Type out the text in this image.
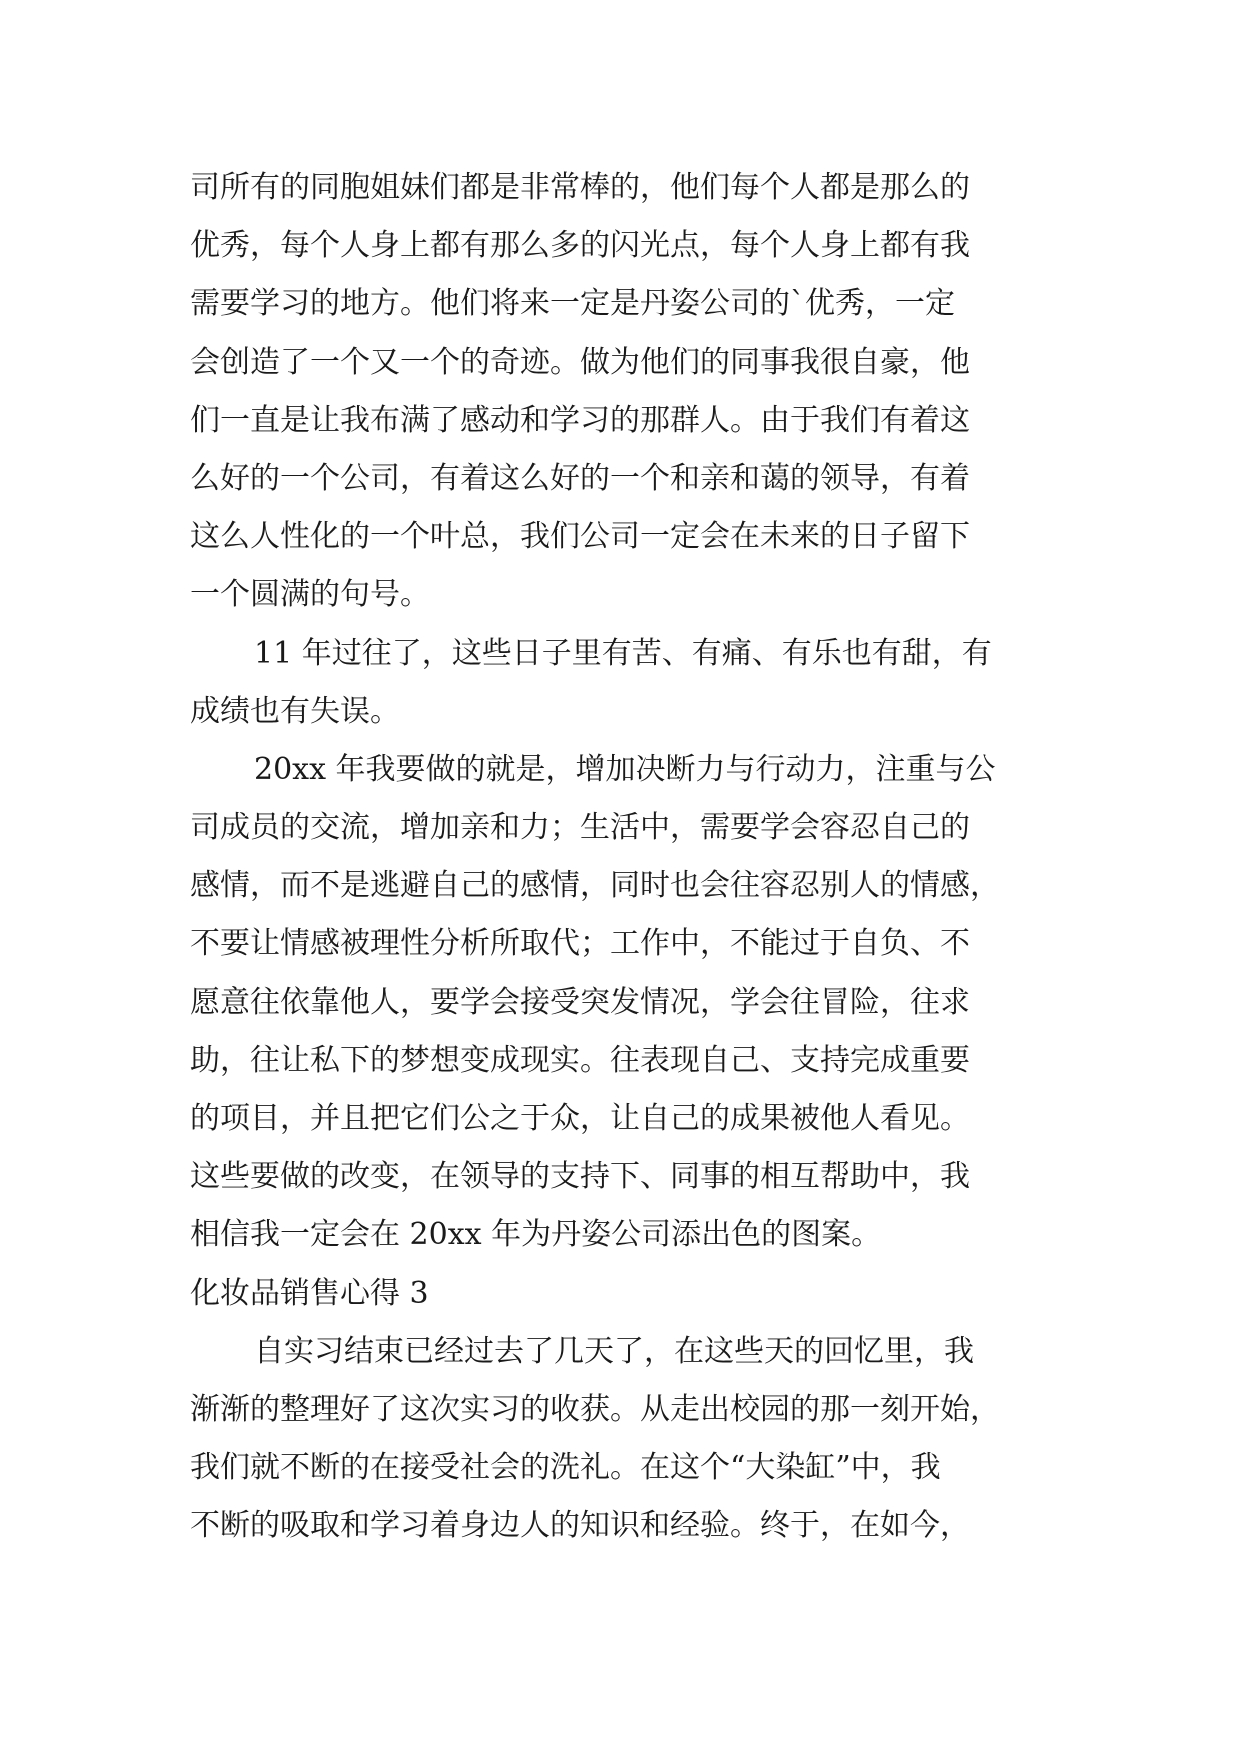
司所有的同胞姐妹们都是非常棒的，他们每个人都是那么的
优秀，每个人身上都有那么多的闪光点，每个人身上都有我
需要学习的地方。他们将来一定是丹姿公司的`优秀，一定
会创造了一个又一个的奇迹。做为他们的同事我很自豪，他
们一直是让我布满了感动和学习的那群人。由于我们有着这
么好的一个公司，有着这么好的一个和亲和蔼的领导，有着
这么人性化的一个叶总，我们公司一定会在未来的日子留下
一个圆满的句号。
11 年过往了，这些日子里有苦、有痛、有乐也有甜，有
成绩也有失误。
20xx 年我要做的就是，增加决断力与行动力，注重与公
司成员的交流，增加亲和力；生活中，需要学会容忍自己的
感情，而不是逃避自己的感情，同时也会往容忍别人的情感，
不要让情感被理性分析所取代；工作中，不能过于自负、不
愿意往依靠他人，要学会接受突发情况，学会往冒险，往求
助，往让私下的梦想变成现实。往表现自己、支持完成重要
的项目，并且把它们公之于众，让自己的成果被他人看见。
这些要做的改变，在领导的支持下、同事的相互帮助中，我
相信我一定会在 20xx 年为丹姿公司添出色的图案。
化妆品销售心得 3
自实习结束已经过去了几天了，在这些天的回忆里，我
渐渐的整理好了这次实习的收获。从走出校园的那一刻开始，
我们就不断的在接受社会的洗礼。在这个“大染缸”中，我
不断的吸取和学习着身边人的知识和经验。终于，在如今，
